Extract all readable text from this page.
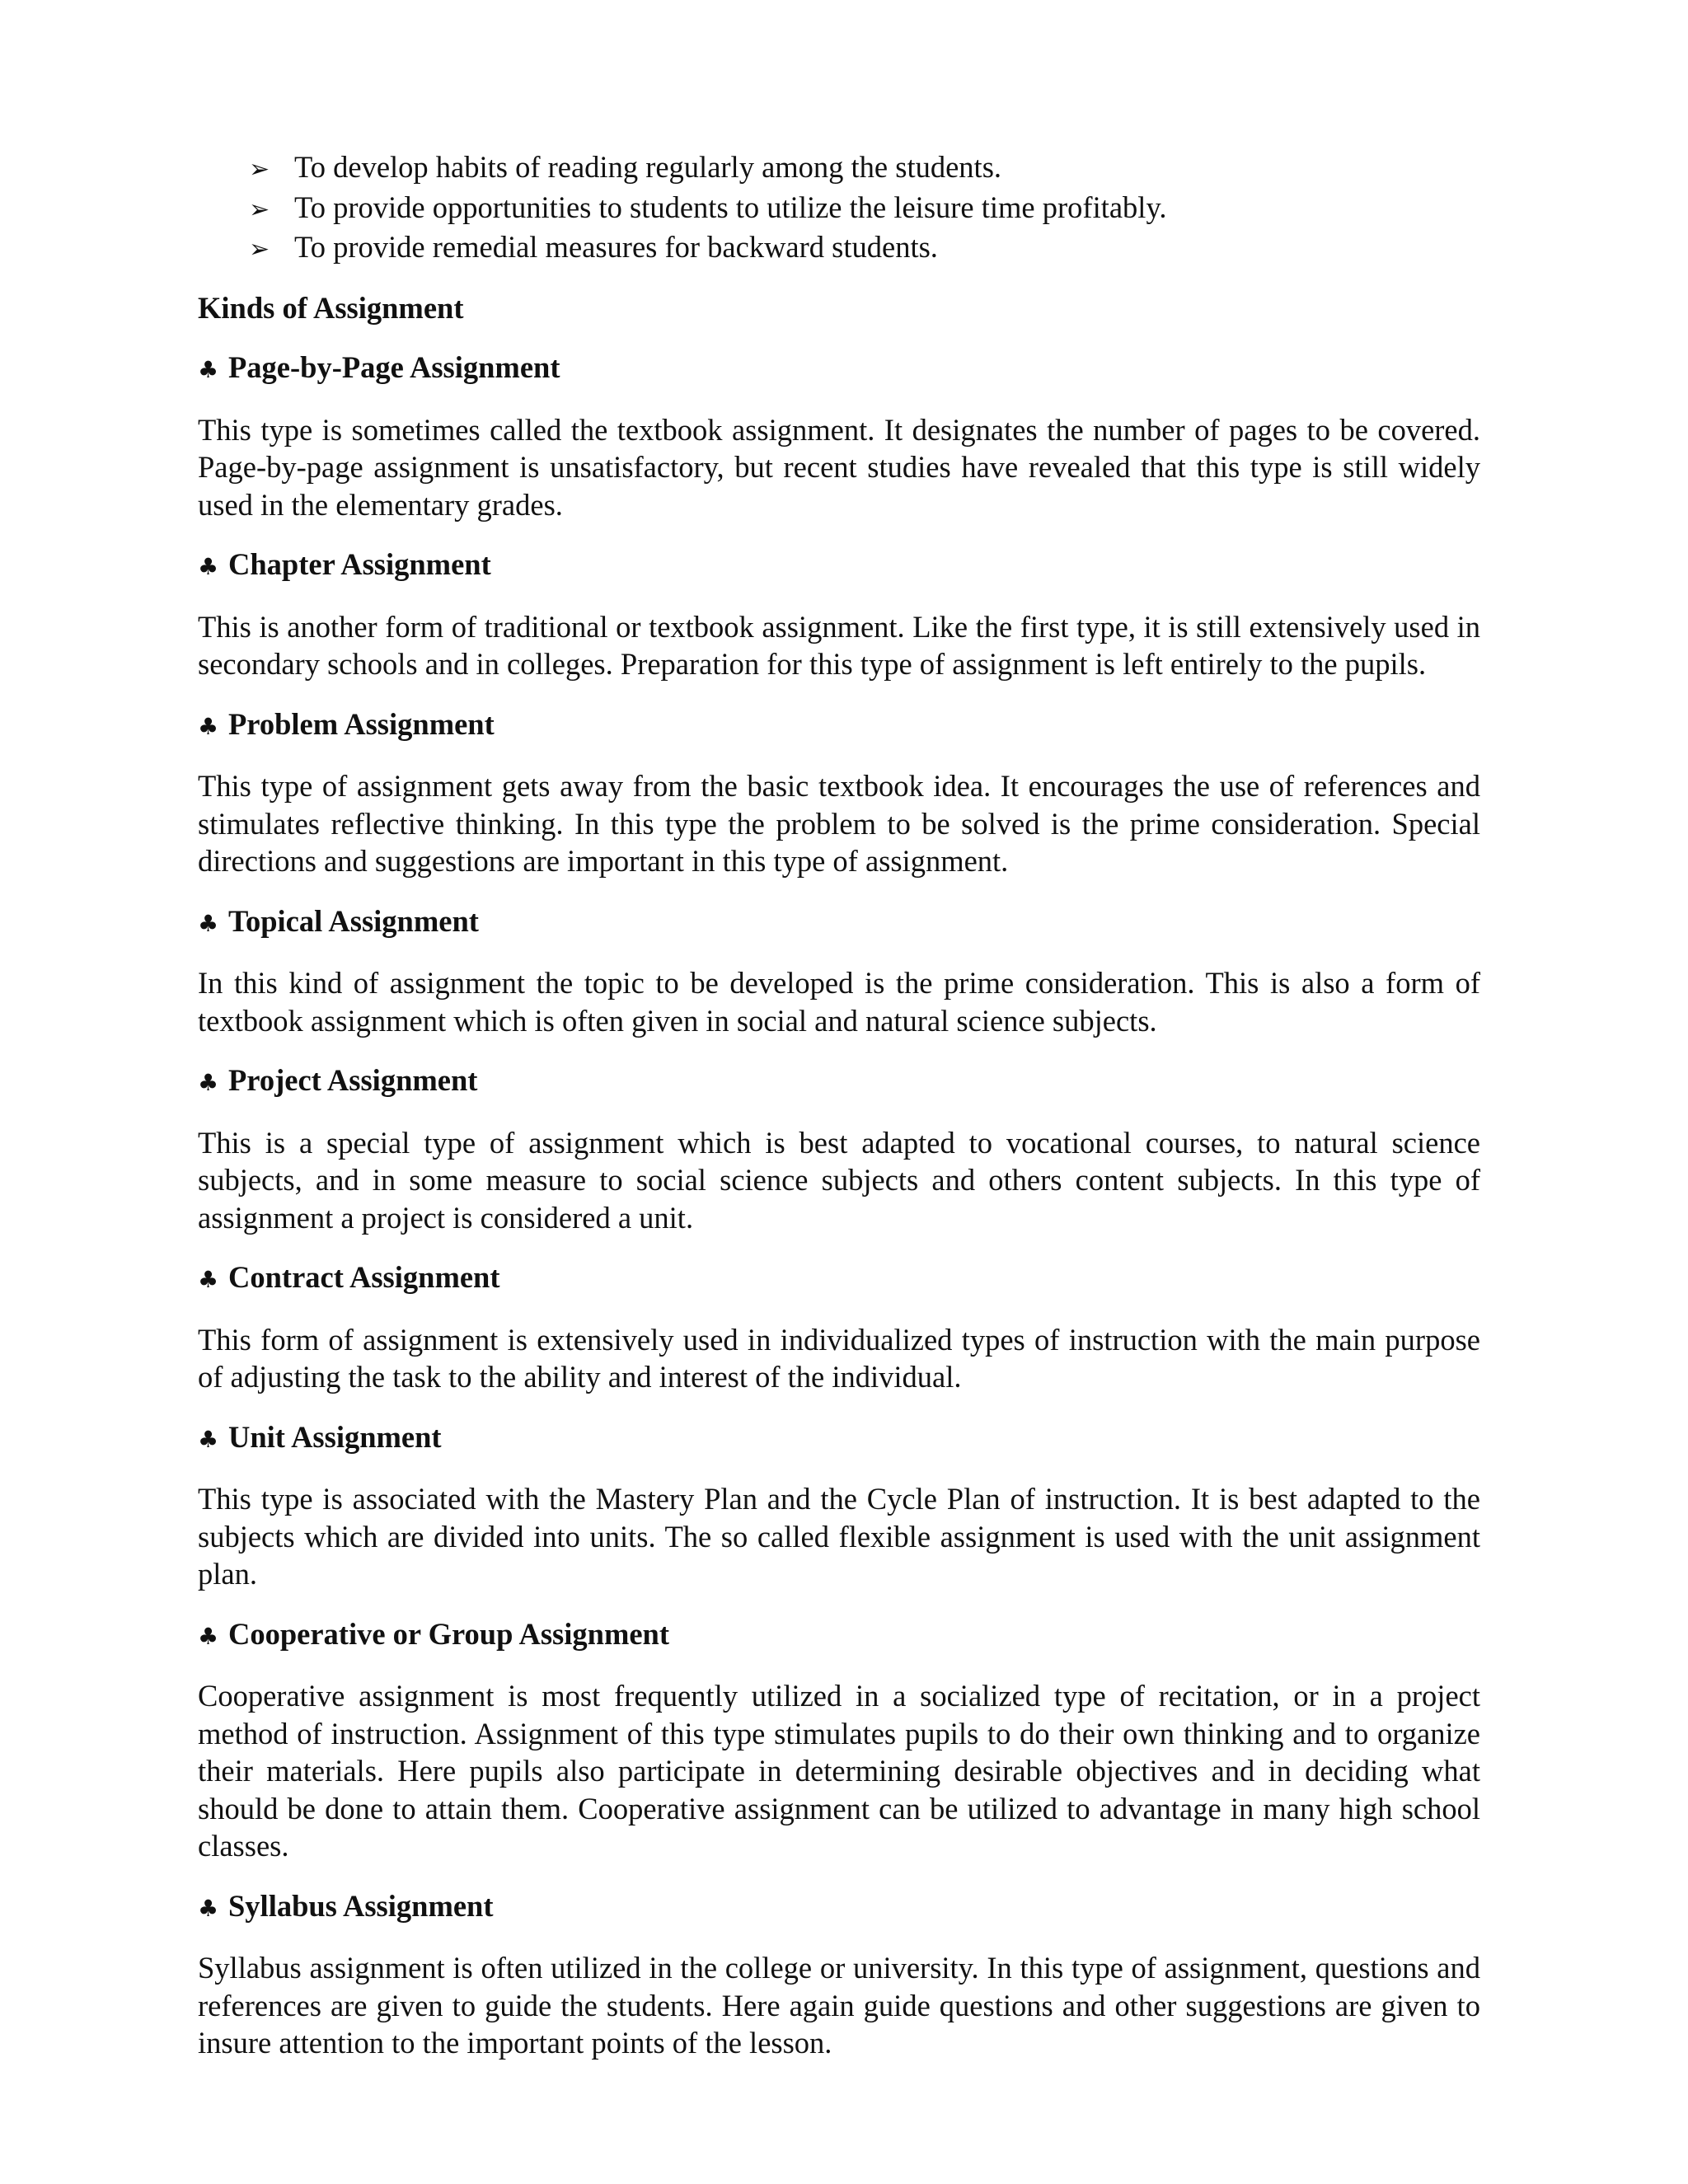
➢ To develop habits of reading regularly among the students.
➢ To provide opportunities to students to utilize the leisure time profitably.
➢ To provide remedial measures for backward students.
Kinds of Assignment
♣ Page-by-Page Assignment

This type is sometimes called the textbook assignment. It designates the number of pages to be covered. Page-by-page assignment is unsatisfactory, but recent studies have revealed that this type is still widely used in the elementary grades.

♣ Chapter Assignment

This is another form of traditional or textbook assignment. Like the first type, it is still extensively used in secondary schools and in colleges. Preparation for this type of assignment is left entirely to the pupils.

♣ Problem Assignment

This type of assignment gets away from the basic textbook idea. It encourages the use of references and stimulates reflective thinking. In this type the problem to be solved is the prime consideration. Special directions and suggestions are important in this type of assignment.

♣ Topical Assignment

In this kind of assignment the topic to be developed is the prime consideration. This is also a form of textbook assignment which is often given in social and natural science subjects.

♣ Project Assignment

This is a special type of assignment which is best adapted to vocational courses, to natural science subjects, and in some measure to social science subjects and others content subjects. In this type of assignment a project is considered a unit.

♣ Contract Assignment

This form of assignment is extensively used in individualized types of instruction with the main purpose of adjusting the task to the ability and interest of the individual.

♣ Unit Assignment

This type is associated with the Mastery Plan and the Cycle Plan of instruction. It is best adapted to the subjects which are divided into units. The so called flexible assignment is used with the unit assignment plan.

♣ Cooperative or Group Assignment

Cooperative assignment is most frequently utilized in a socialized type of recitation, or in a project method of instruction. Assignment of this type stimulates pupils to do their own thinking and to organize their materials. Here pupils also participate in determining desirable objectives and in deciding what should be done to attain them. Cooperative assignment can be utilized to advantage in many high school classes.

♣ Syllabus Assignment

Syllabus assignment is often utilized in the college or university. In this type of assignment, questions and references are given to guide the students. Here again guide questions and other suggestions are given to insure attention to the important points of the lesson.
